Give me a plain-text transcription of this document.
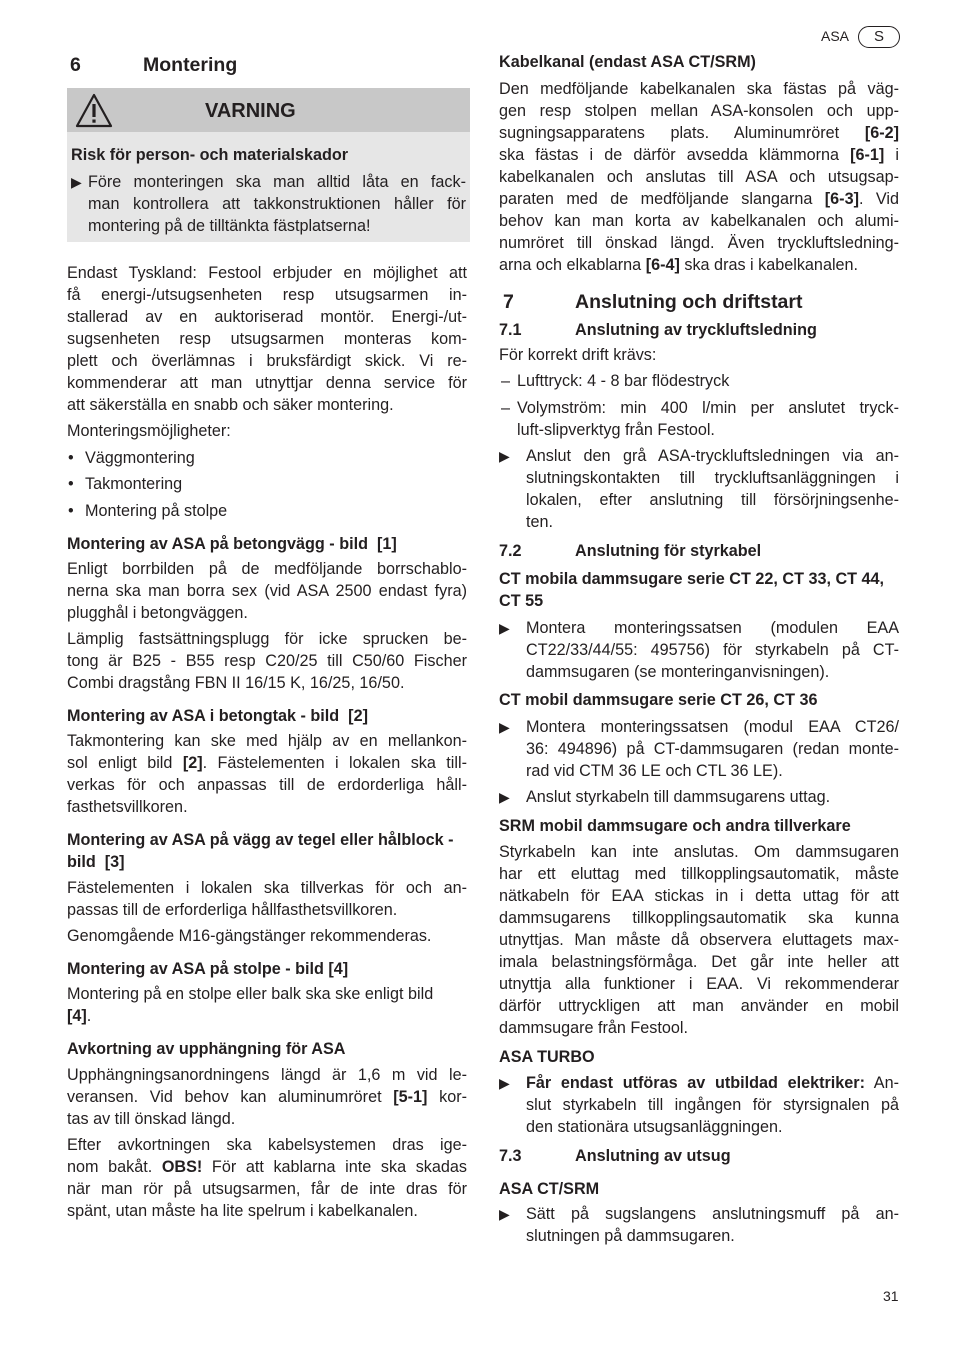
ASA	S
6	Montering
VARNING
Risk för person- och materialskador
▶ Före monteringen ska man alltid låta en fack-
man kontrollera att takkonstruktionen håller för
montering på de tilltänkta fästplatserna!
Endast Tyskland: Festool erbjuder en möjlighet att
få energi-/utsugsenheten resp utsugsarmen in-
stallerad av en auktoriserad montör. Energi-/ut-
sugsenheten resp utsugsarmen monteras kom-
plett och överlämnas i bruksfärdigt skick. Vi re-
kommenderar att man utnyttjar denna service för
att säkerställa en snabb och säker montering.
Monteringsmöjligheter:
• Väggmontering
• Takmontering
• Montering på stolpe
Montering av ASA på betongvägg - bild  [1]
Enligt borrbilden på de medföljande borrschablo-
nerna ska man borra sex (vid ASA 2500 endast fyra)
plugghål i betongväggen.
Lämplig fastsättningsplugg för icke sprucken be-
tong är B25 - B55 resp C20/25 till C50/60 Fischer
Combi dragstång FBN II 16/15 K, 16/25, 16/50.
Montering av ASA i betongtak - bild  [2]
Takmontering kan ske med hjälp av en mellankon-
sol enligt bild [2]. Fästelementen i lokalen ska till-
verkas för och anpassas till de erdorderliga håll-
fasthetsvillkoren.
Montering av ASA på vägg av tegel eller hålblock -
bild  [3]
Fästelementen i lokalen ska tillverkas för och an-
passas till de erforderliga hållfasthetsvillkoren.
Genomgående M16-gängstänger rekommenderas.
Montering av ASA på stolpe - bild [4]
Montering på en stolpe eller balk ska ske enligt bild
[4].
Avkortning av upphängning för ASA
Upphängningsanordningens längd är 1,6 m vid le-
veransen. Vid behov kan aluminumröret [5-1] kor-
tas av till önskad längd.
Efter avkortningen ska kabelsystemen dras ige-
nom bakåt. OBS! För att kablarna inte ska skadas
när man rör på utsugsarmen, får de inte dras för
spänt, utan måste ha lite spelrum i kabelkanalen.
Kabelkanal (endast ASA CT/SRM)
Den medföljande kabelkanalen ska fästas på väg-
gen resp stolpen mellan ASA-konsolen och upp-
sugningsapparatens plats. Aluminumröret [6-2]
ska fästas i de därför avsedda klämmorna [6-1] i
kabelkanalen och anslutas till ASA och utsugsap-
paraten med de medföljande slangarna [6-3]. Vid
behov kan man korta av kabelkanalen och alumi-
numröret till önskad längd. Även tryckluftsledning-
arna och elkablarna [6-4] ska dras i kabelkanalen.
7	Anslutning och driftstart
7.1	Anslutning av tryckluftsledning
För korrekt drift krävs:
– Lufttryck: 4 - 8 bar flödestryck
– Volymström: min 400 l/min per anslutet tryck-
luft-slipverktyg från Festool.
▶ Anslut den grå ASA-tryckluftsledningen via an-
slutningskontakten till tryckluftsanläggningen i
lokalen, efter anslutning till försörjningsenhe-
ten.
7.2	Anslutning för styrkabel
CT mobila dammsugare serie CT 22, CT 33, CT 44,
CT 55
▶ Montera monteringssatsen (modulen EAA
CT22/33/44/55: 495756) för styrkabeln på CT-
dammsugaren (se monteringanvisningen).
CT mobil dammsugare serie CT 26, CT 36
▶ Montera monteringssatsen (modul EAA CT26/
36: 494896) på CT-dammsugaren (redan monte-
rad vid CTM 36 LE och CTL 36 LE).
▶ Anslut styrkabeln till dammsugarens uttag.
SRM mobil dammsugare och andra tillverkare
Styrkabeln kan inte anslutas. Om dammsugaren
har ett eluttag med tillkopplingsautomatik, måste
nätkabeln för EAA stickas in i detta uttag för att
dammsugarens tillkopplingsautomatik ska kunna
utnyttjas. Man måste då observera eluttagets max-
imala belastningsförmåga. Det går inte heller att
utnyttja alla funktioner i EAA. Vi rekommenderar
därför uttryckligen att man använder en mobil
dammsugare från Festool.
ASA TURBO
▶ Får endast utföras av utbildad elektriker: An-
slut styrkabeln till ingången för styrsignalen på
den stationära utsugsanläggningen.
7.3	Anslutning av utsug
ASA CT/SRM
▶ Sätt på sugslangens anslutningsmuff på an-
slutningen på dammsugaren.
31
